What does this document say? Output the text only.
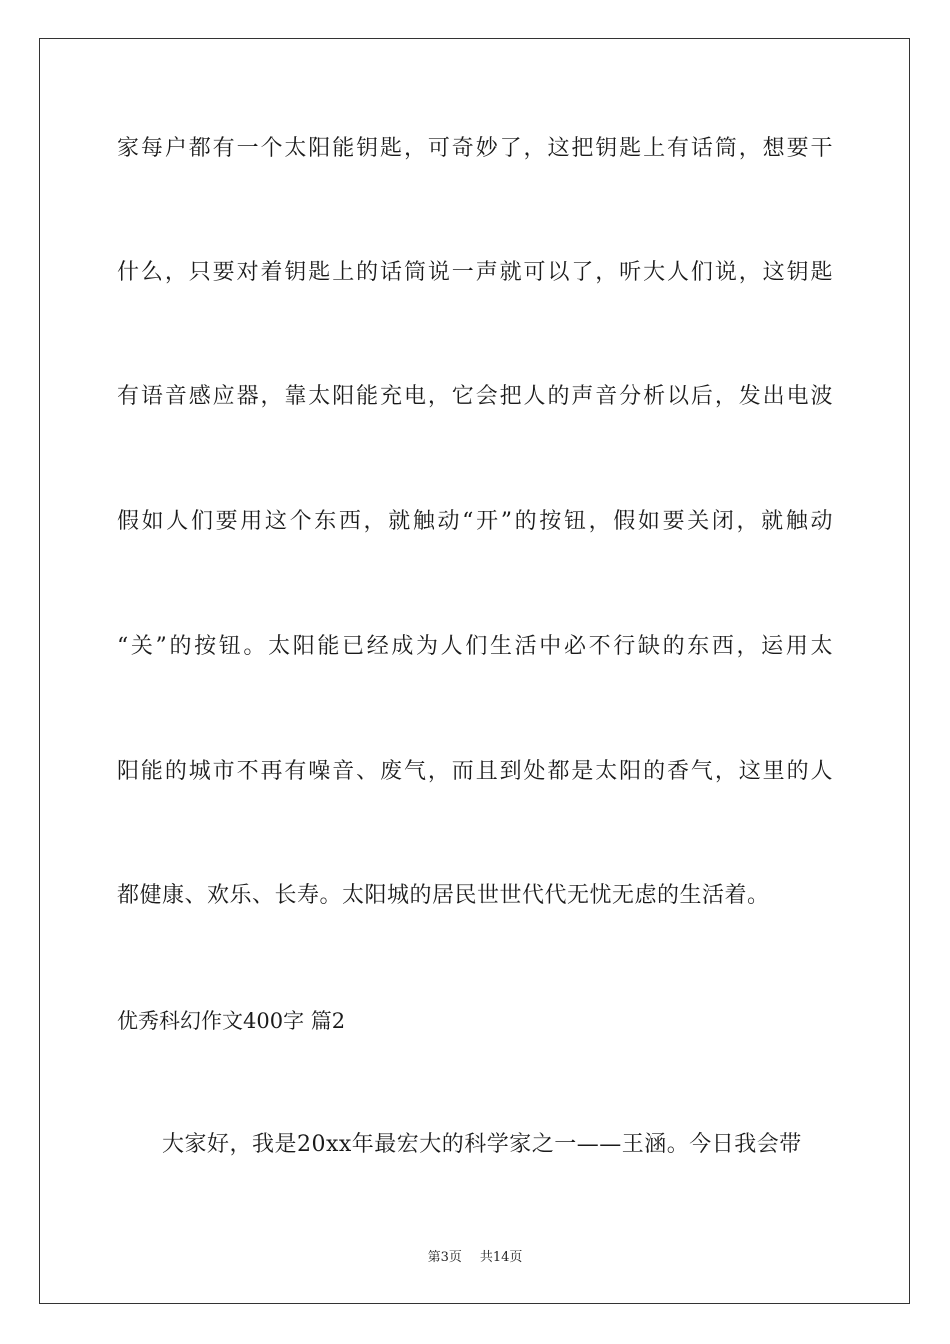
家每户都有一个太阳能钥匙，可奇妙了，这把钥匙上有话筒，想要干
什么，只要对着钥匙上的话筒说一声就可以了，听大人们说，这钥匙
有语音感应器，靠太阳能充电，它会把人的声音分析以后，发出电波
假如人们要用这个东西，就触动“开”的按钮，假如要关闭，就触动
“关”的按钮。太阳能已经成为人们生活中必不行缺的东西，运用太
阳能的城市不再有噪音、废气，而且到处都是太阳的香气，这里的人
都健康、欢乐、长寿。太阳城的居民世世代代无忧无虑的生活着。
优秀科幻作文400字 篇2
　　大家好，我是20xx年最宏大的科学家之一——王涵。今日我会带
第3页 共14页
